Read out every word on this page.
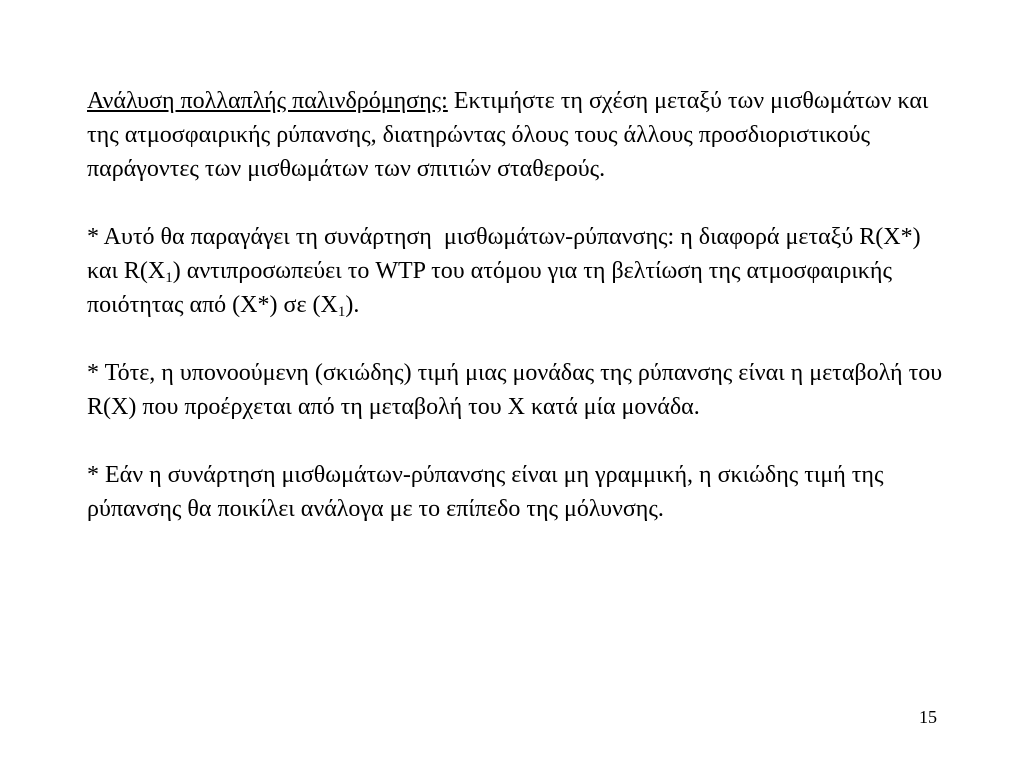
Ανάλυση πολλαπλής παλινδρόμησης: Εκτιμήστε τη σχέση μεταξύ των μισθωμάτων και της ατμοσφαιρικής ρύπανσης, διατηρώντας όλους τους άλλους προσδιοριστικούς παράγοντες των μισθωμάτων των σπιτιών σταθερούς.

* Αυτό θα παραγάγει τη συνάρτηση  μισθωμάτων-ρύπανσης: η διαφορά μεταξύ R(X*) και $R(X_1)$ αντιπροσωπεύει το WTP του ατόμου για τη βελτίωση της ατμοσφαιρικής ποιότητας από (X*) σε $(X_1)$.

* Τότε, η υπονοούμενη (σκιώδης) τιμή μιας μονάδας της ρύπανσης είναι η μεταβολή του R(X) που προέρχεται από τη μεταβολή του X κατά μία μονάδα.

* Εάν η συνάρτηση μισθωμάτων-ρύπανσης είναι μη γραμμική, η σκιώδης τιμή της ρύπανσης θα ποικίλει ανάλογα με το επίπεδο της μόλυνσης.

15
